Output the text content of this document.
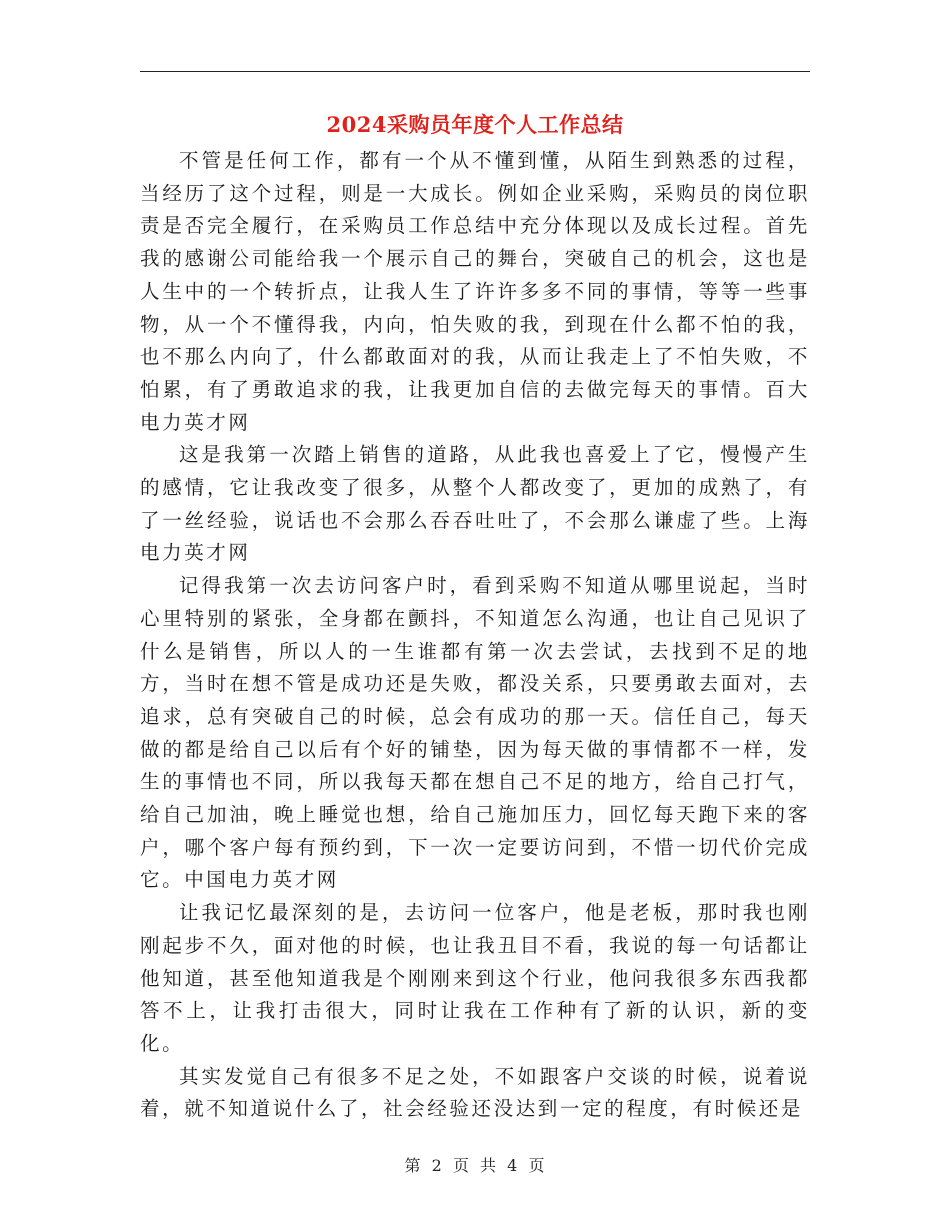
2024采购员年度个人工作总结

不管是任何工作，都有一个从不懂到懂，从陌生到熟悉的过程，当经历了这个过程，则是一大成长。例如企业采购，采购员的岗位职责是否完全履行，在采购员工作总结中充分体现以及成长过程。首先我的感谢公司能给我一个展示自己的舞台，突破自己的机会，这也是人生中的一个转折点，让我人生了许许多多不同的事情，等等一些事物，从一个不懂得我，内向，怕失败的我，到现在什么都不怕的我，也不那么内向了，什么都敢面对的我，从而让我走上了不怕失败，不怕累，有了勇敢追求的我，让我更加自信的去做完每天的事情。百大电力英才网

这是我第一次踏上销售的道路，从此我也喜爱上了它，慢慢产生的感情，它让我改变了很多，从整个人都改变了，更加的成熟了，有了一丝经验，说话也不会那么吞吞吐吐了，不会那么谦虚了些。上海电力英才网

记得我第一次去访问客户时，看到采购不知道从哪里说起，当时心里特别的紧张，全身都在颤抖，不知道怎么沟通，也让自己见识了什么是销售，所以人的一生谁都有第一次去尝试，去找到不足的地方，当时在想不管是成功还是失败，都没关系，只要勇敢去面对，去追求，总有突破自己的时候，总会有成功的那一天。信任自己，每天做的都是给自己以后有个好的铺垫，因为每天做的事情都不一样，发生的事情也不同，所以我每天都在想自己不足的地方，给自己打气，给自己加油，晚上睡觉也想，给自己施加压力，回忆每天跑下来的客户，哪个客户每有预约到，下一次一定要访问到，不惜一切代价完成它。中国电力英才网

让我记忆最深刻的是，去访问一位客户，他是老板，那时我也刚刚起步不久，面对他的时候，也让我丑目不看，我说的每一句话都让他知道，甚至他知道我是个刚刚来到这个行业，他问我很多东西我都答不上，让我打击很大，同时让我在工作种有了新的认识，新的变化。

其实发觉自己有很多不足之处，不如跟客户交谈的时候，说着说着，就不知道说什么了，社会经验还没达到一定的程度，有时候还是

第 2 页 共 4 页
